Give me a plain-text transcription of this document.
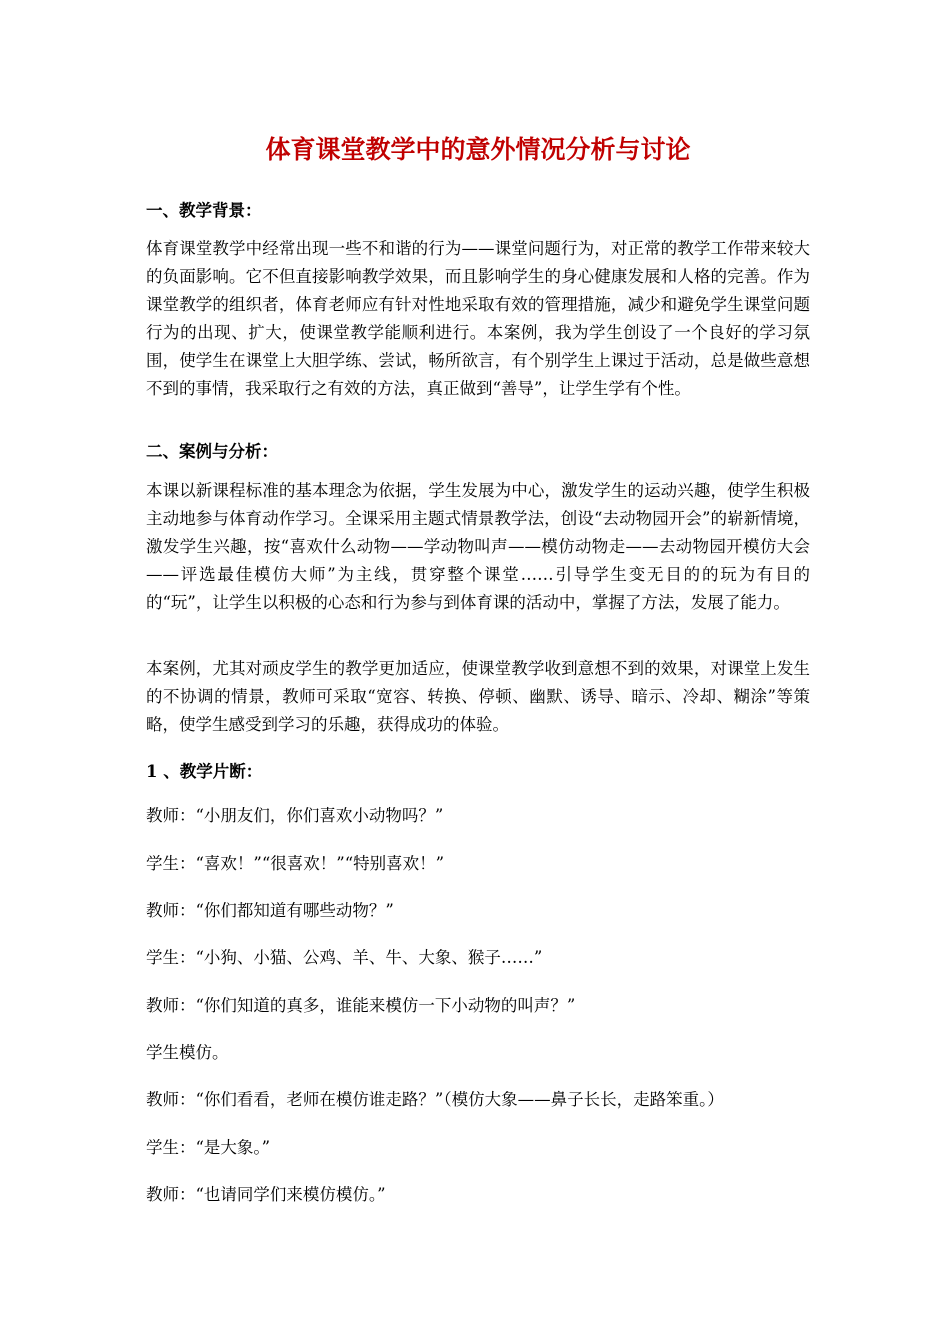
体育课堂教学中的意外情况分析与讨论
一、教学背景：
体育课堂教学中经常出现一些不和谐的行为——课堂问题行为，对正常的教学工作带来较大的负面影响。它不但直接影响教学效果，而且影响学生的身心健康发展和人格的完善。作为课堂教学的组织者，体育老师应有针对性地采取有效的管理措施，减少和避免学生课堂问题行为的出现、扩大，使课堂教学能顺利进行。本案例，我为学生创设了一个良好的学习氛围，使学生在课堂上大胆学练、尝试，畅所欲言，有个别学生上课过于活动，总是做些意想不到的事情，我采取行之有效的方法，真正做到“善导”，让学生学有个性。
二、案例与分析：
本课以新课程标准的基本理念为依据，学生发展为中心，激发学生的运动兴趣，使学生积极主动地参与体育动作学习。全课采用主题式情景教学法，创设“去动物园开会”的崭新情境，激发学生兴趣，按“喜欢什么动物——学动物叫声——模仿动物走——去动物园开模仿大会——评选最佳模仿大师”为主线，贯穿整个课堂……引导学生变无目的的玩为有目的的“玩”，让学生以积极的心态和行为参与到体育课的活动中，掌握了方法，发展了能力。
本案例，尤其对顽皮学生的教学更加适应，使课堂教学收到意想不到的效果，对课堂上发生的不协调的情景，教师可采取“宽容、转换、停顿、幽默、诱导、暗示、冷却、糊涂”等策略，使学生感受到学习的乐趣，获得成功的体验。
1 、教学片断：
教师：“小朋友们，你们喜欢小动物吗？”
学生：“喜欢！”“很喜欢！”“特别喜欢！”
教师：“你们都知道有哪些动物？”
学生：“小狗、小猫、公鸡、羊、牛、大象、猴子……”
教师：“你们知道的真多，谁能来模仿一下小动物的叫声？”
学生模仿。
教师：“你们看看，老师在模仿谁走路？”（模仿大象——鼻子长长，走路笨重。）
学生：“是大象。”
教师：“也请同学们来模仿模仿。”
